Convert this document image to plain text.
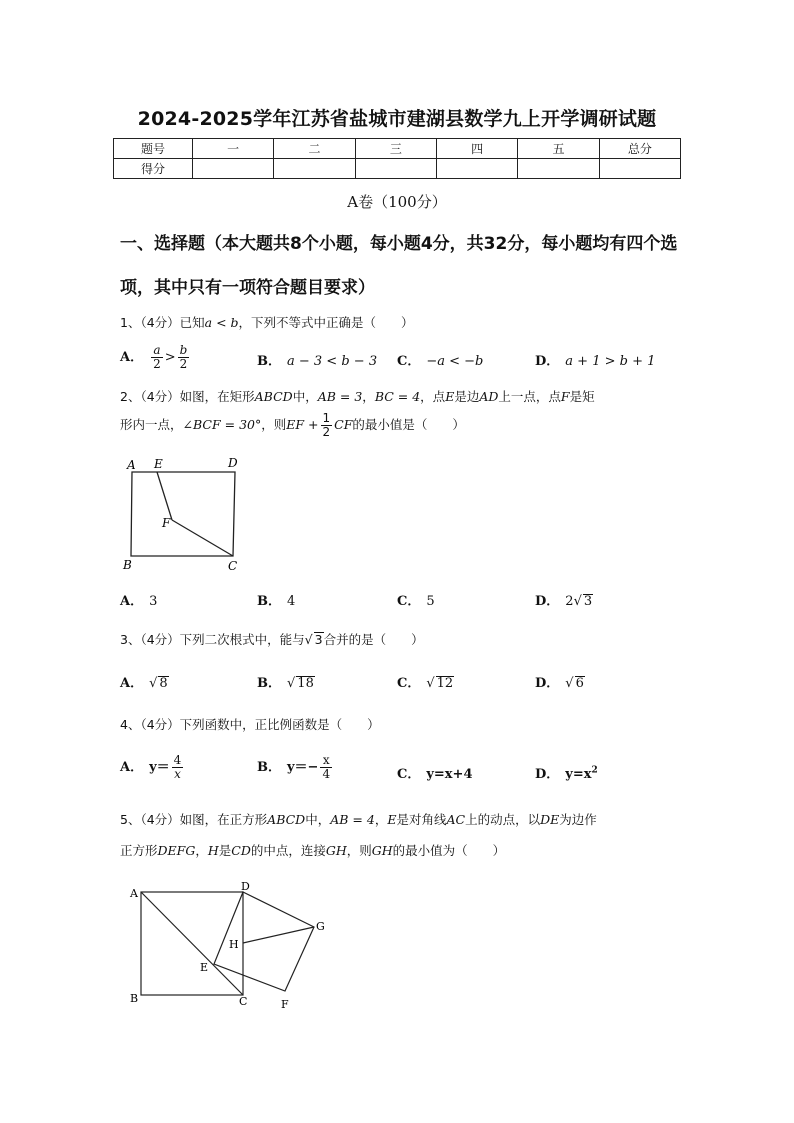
2024-2025学年江苏省盐城市建湖县数学九上开学调研试题
题号	一	二	三	四	五	总分
得分						
A卷（100分）
一、选择题（本大题共8个小题，每小题4分，共32分，每小题均有四个选项，其中只有一项符合题目要求）
1、（4分）已知a < b，下列不等式中正确是（　　）
A． $\frac{a}{2} > \frac{b}{2}$	B． a − 3 < b − 3 C． −a < −b	D． a + 1 > b + 1
2、（4分）如图，在矩形ABCD中，AB = 3，BC = 4，点E是边AD上一点，点F是矩
形内一点，∠BCF = 30°，则EF + $\frac{1}{2}$ CF的最小值是（　　）
A E	D
F
B	C
A． 3	B． 4	C． 5	D． 2√ 3
3、（4分）下列二次根式中，能与√ 3合并的是（　　）
A． √ 8	B． √ 18	C． √ 12	D． √ 6
4、（4分）下列函数中，正比例函数是（　　）
A． $y= \frac{4}{x}$	B． $y=- \frac{x}{4}$	C． y=x+4	D． $y=x^2$
5、（4分）如图，在正方形ABCD中，AB = 4，E是对角线AC上的动点，以DE为边作
正方形DEFG，H是CD的中点，连接GH，则GH的最小值为（　　）
A
D
G
H
E
B	C	F
